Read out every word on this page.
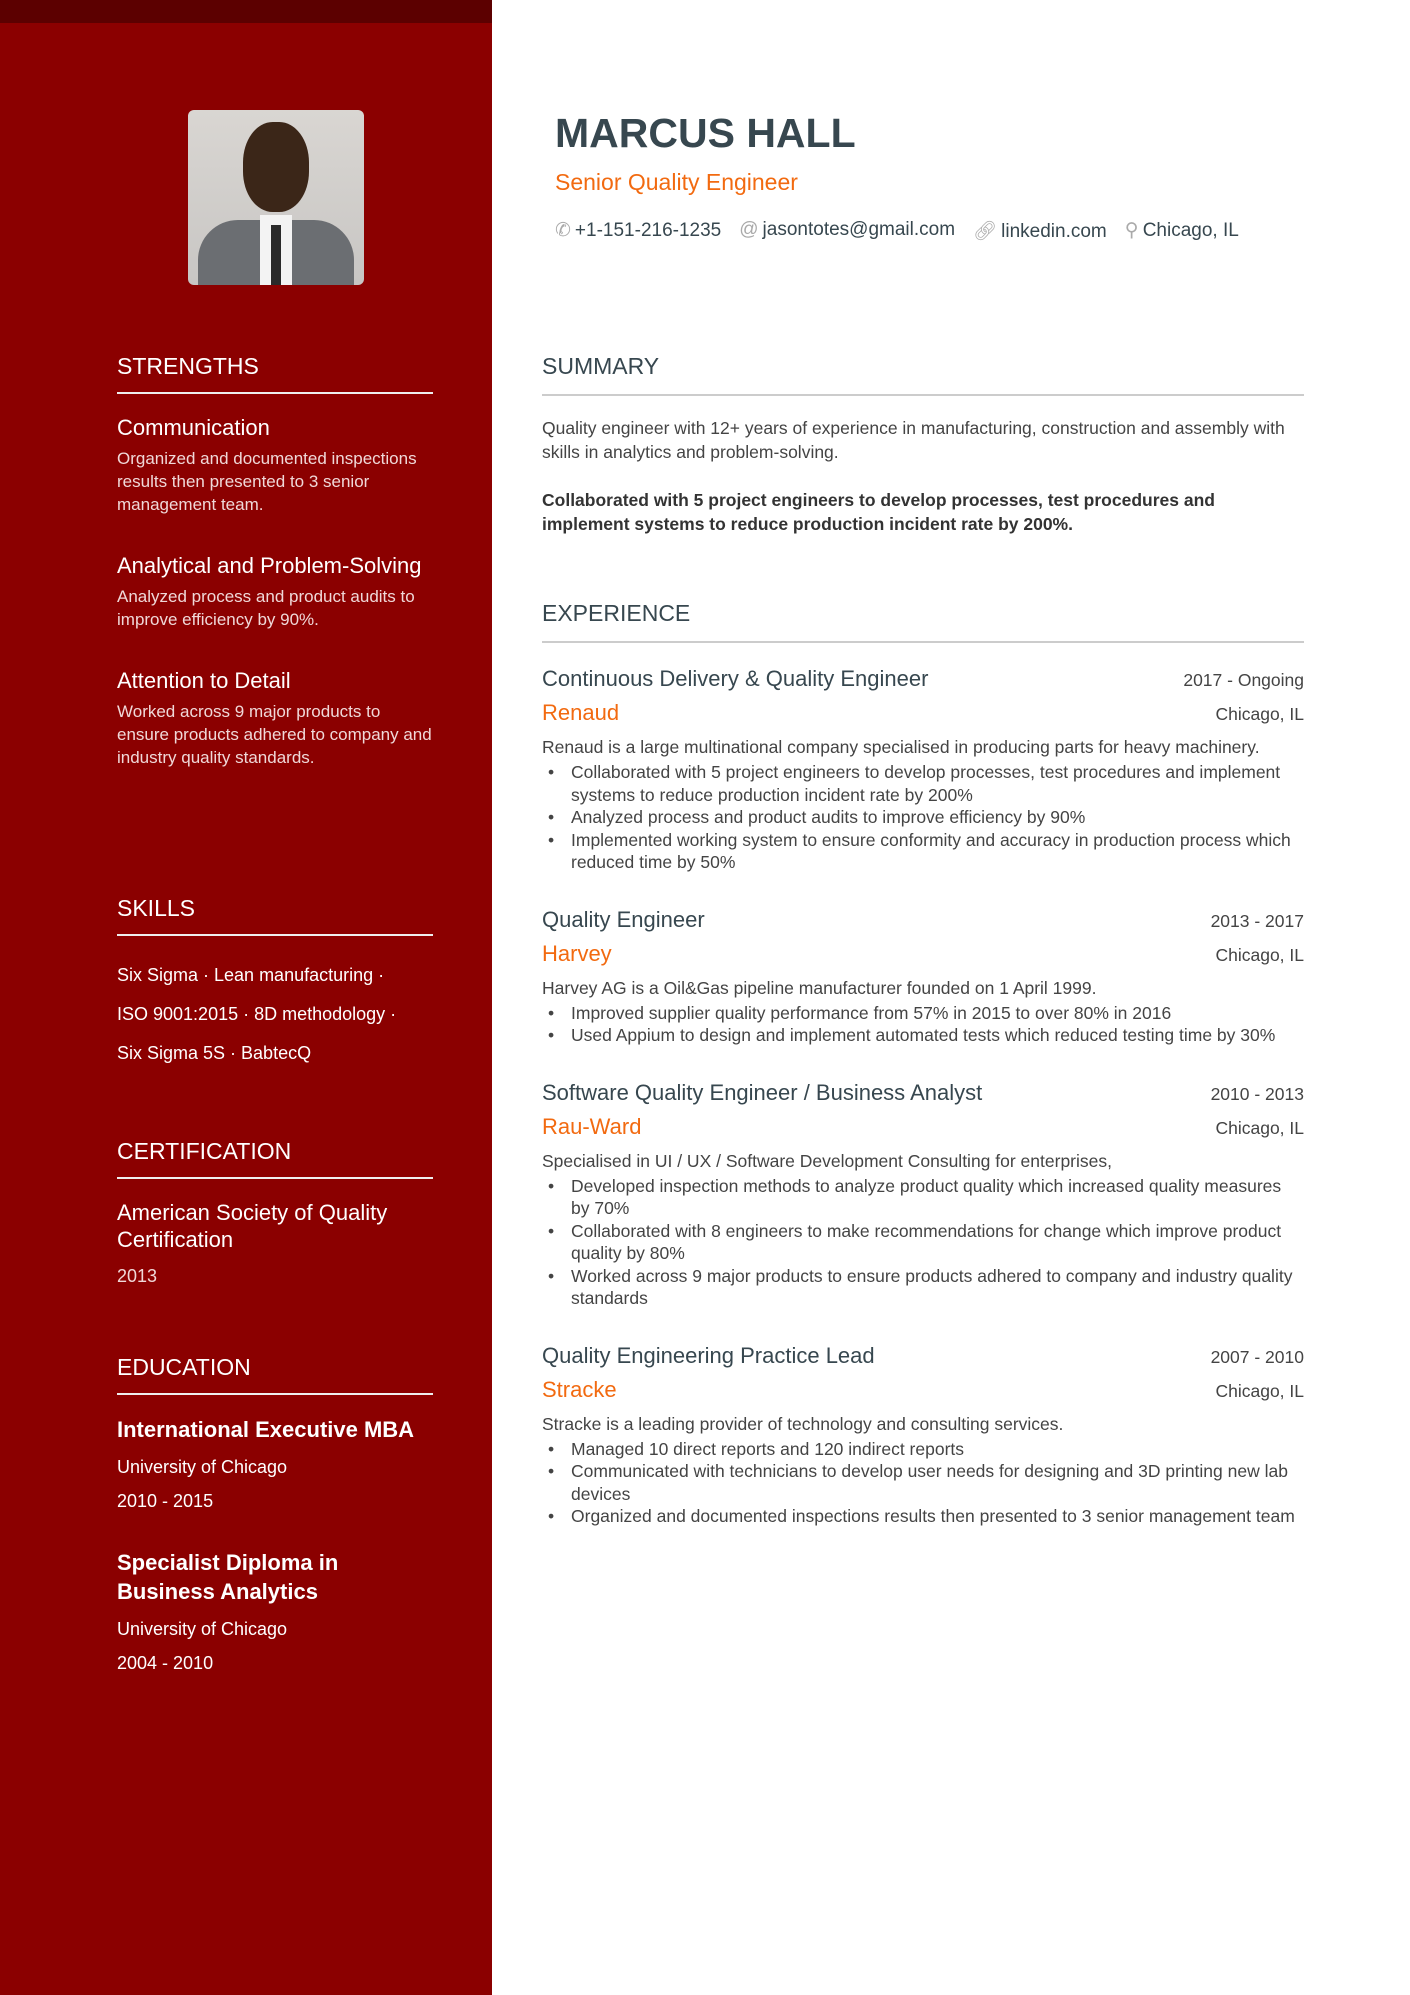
STRENGTHS
Communication
Organized and documented inspections results then presented to 3 senior management team.
Analytical and Problem-Solving
Analyzed process and product audits to improve efficiency by 90%.
Attention to Detail
Worked across 9 major products to ensure products adhered to company and industry quality standards.
SKILLS
Six Sigma · Lean manufacturing ·
ISO 9001:2015 · 8D methodology ·
Six Sigma 5S · BabtecQ
CERTIFICATION
American Society of Quality Certification
2013
EDUCATION
International Executive MBA
University of Chicago
2010 - 2015
Specialist Diploma in Business Analytics
University of Chicago
2004 - 2010
MARCUS HALL
Senior Quality Engineer
✆ +1-151-216-1235 @ jasontotes@gmail.com 🔗︎ linkedin.com ⚲ Chicago, IL
SUMMARY
Quality engineer with 12+ years of experience in manufacturing, construction and assembly with skills in analytics and problem-solving.
Collaborated with 5 project engineers to develop processes, test procedures and implement systems to reduce production incident rate by 200%.
EXPERIENCE
Continuous Delivery & Quality Engineer	2017 - Ongoing
Renaud	Chicago, IL
Renaud is a large multinational company specialised in producing parts for heavy machinery.
• Collaborated with 5 project engineers to develop processes, test procedures and implement systems to reduce production incident rate by 200%
• Analyzed process and product audits to improve efficiency by 90%
• Implemented working system to ensure conformity and accuracy in production process which reduced time by 50%
Quality Engineer	2013 - 2017
Harvey	Chicago, IL
Harvey AG is a Oil&Gas pipeline manufacturer founded on 1 April 1999.
• Improved supplier quality performance from 57% in 2015 to over 80% in 2016
• Used Appium to design and implement automated tests which reduced testing time by 30%
Software Quality Engineer / Business Analyst	2010 - 2013
Rau-Ward	Chicago, IL
Specialised in UI / UX / Software Development Consulting for enterprises,
• Developed inspection methods to analyze product quality which increased quality measures by 70%
• Collaborated with 8 engineers to make recommendations for change which improve product quality by 80%
• Worked across 9 major products to ensure products adhered to company and industry quality standards
Quality Engineering Practice Lead	2007 - 2010
Stracke	Chicago, IL
Stracke is a leading provider of technology and consulting services.
• Managed 10 direct reports and 120 indirect reports
• Communicated with technicians to develop user needs for designing and 3D printing new lab devices
• Organized and documented inspections results then presented to 3 senior management team
